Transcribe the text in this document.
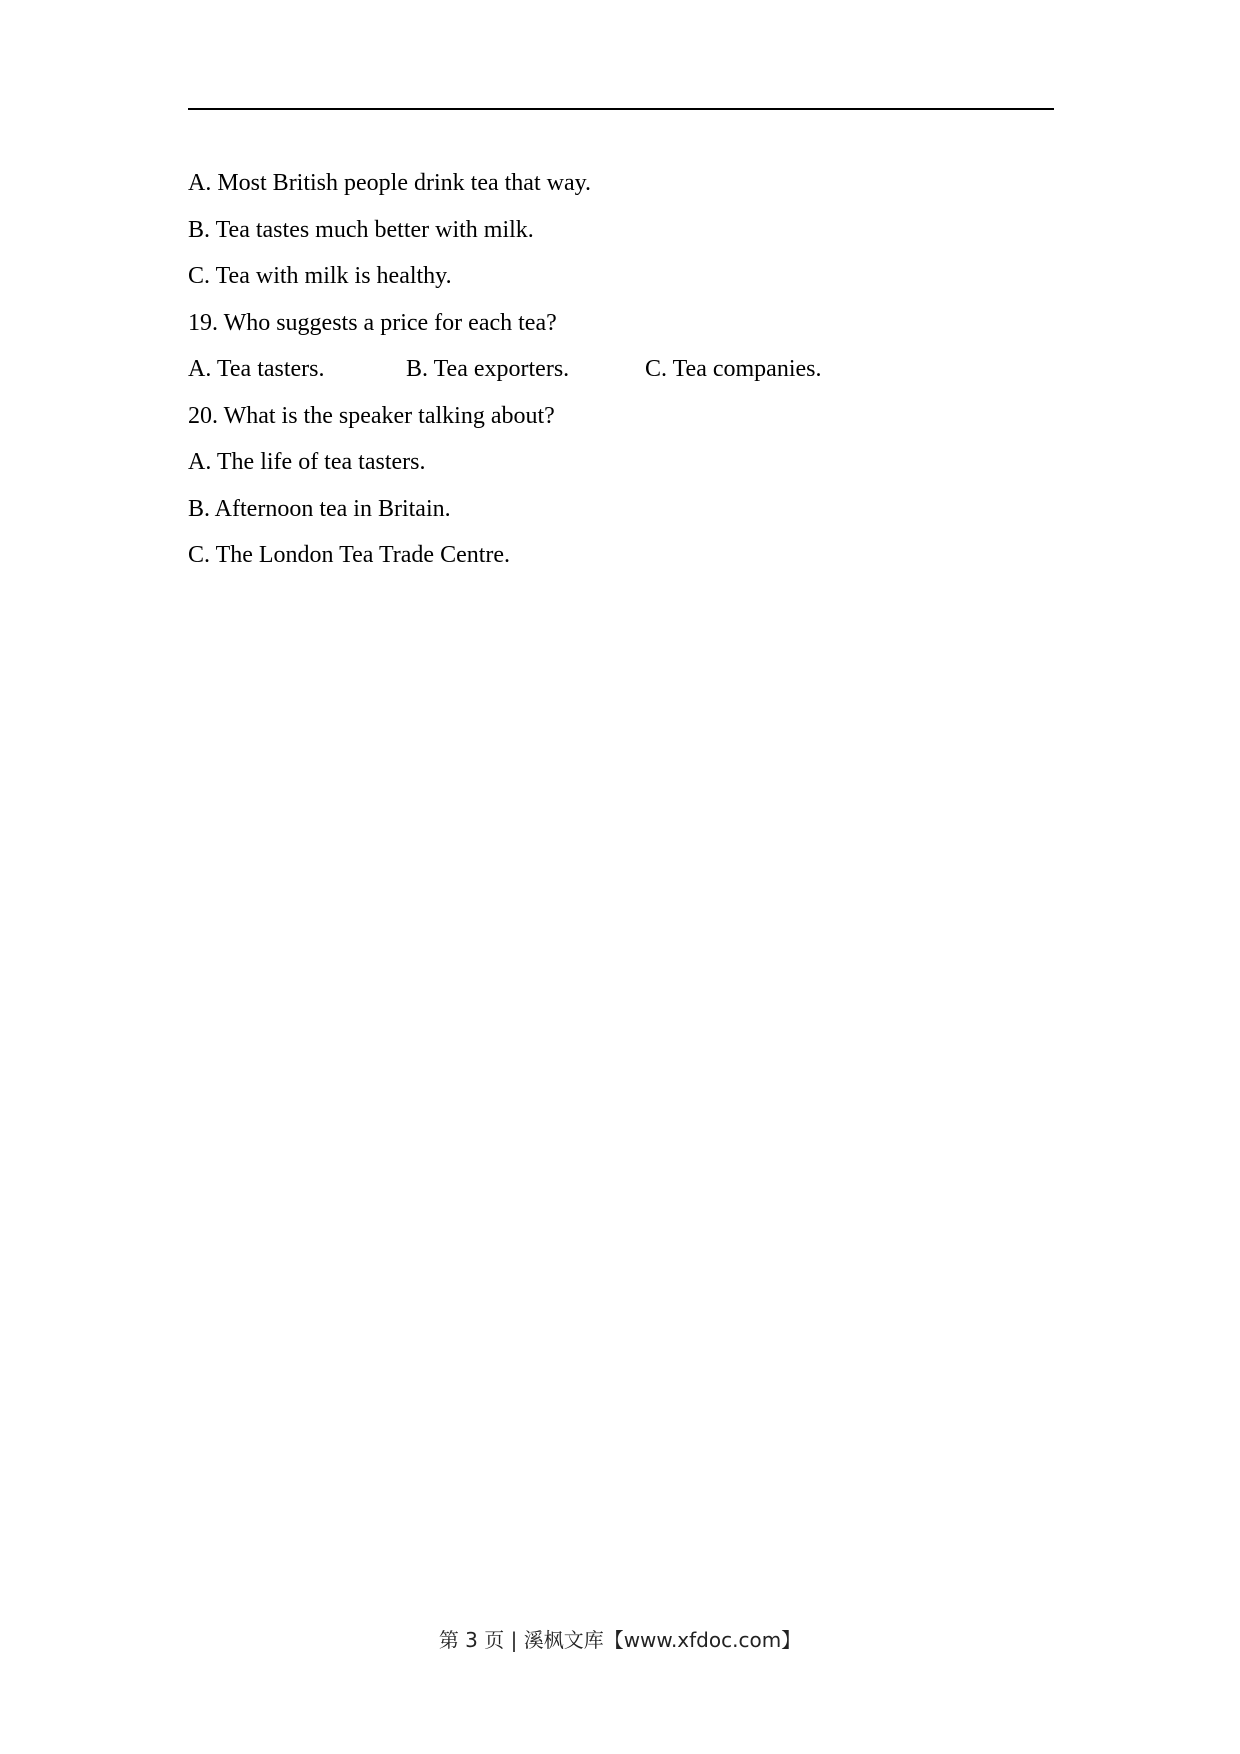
A. Most British people drink tea that way.
B. Tea tastes much better with milk.
C. Tea with milk is healthy.
19. Who suggests a price for each tea?
A. Tea tasters.	B. Tea exporters.	C. Tea companies.
20. What is the speaker talking about?
A. The life of tea tasters.
B. Afternoon tea in Britain.
C. The London Tea Trade Centre.
第 3 页 | 溪枫文库【www.xfdoc.com】
